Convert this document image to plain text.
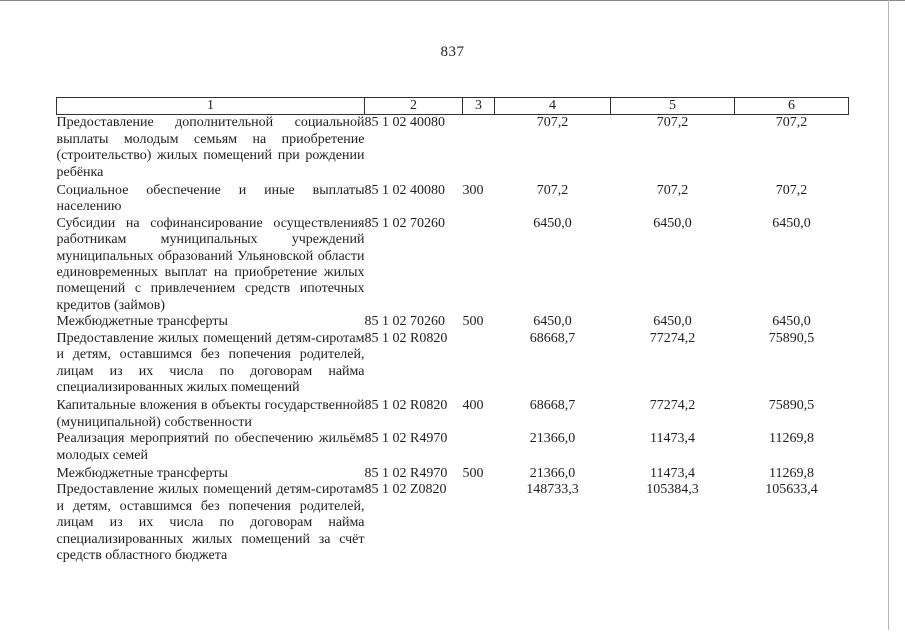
837
1	2	3	4	5	6
Предоставление дополнительной социальной выплаты молодым семьям на приобретение (строительство) жилых помещений при рождении ребёнка	85 1 02 40080		707,2	707,2	707,2

Социальное обеспечение и иные выплаты населению	85 1 02 40080	300	707,2	707,2	707,2

Субсидии на софинансирование осуществления работникам муниципальных учреждений муниципальных образований Ульяновской области единовременных выплат на приобретение жилых помещений с привлечением средств ипотечных кредитов (займов)	85 1 02 70260		6450,0	6450,0	6450,0

Межбюджетные трансферты	85 1 02 70260	500	6450,0	6450,0	6450,0

Предоставление жилых помещений детям-сиротам и детям, оставшимся без попечения родителей, лицам из их числа по договорам найма специализированных жилых помещений	85 1 02 R0820		68668,7	77274,2	75890,5

Капитальные вложения в объекты государственной (муниципальной) собственности	85 1 02 R0820	400	68668,7	77274,2	75890,5

Реализация мероприятий по обеспечению жильём молодых семей	85 1 02 R4970		21366,0	11473,4	11269,8

Межбюджетные трансферты	85 1 02 R4970	500	21366,0	11473,4	11269,8

Предоставление жилых помещений детям-сиротам и детям, оставшимся без попечения родителей, лицам из их числа по договорам найма специализированных жилых помещений за счёт средств областного бюджета	85 1 02 Z0820		148733,3	105384,3	105633,4
